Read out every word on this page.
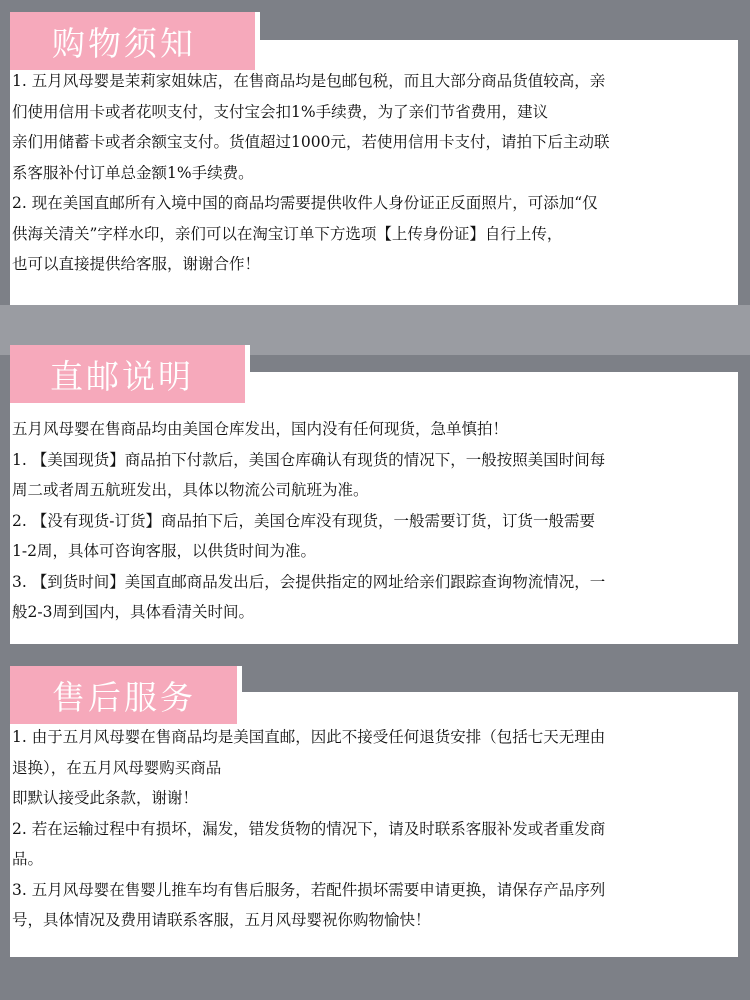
购物须知

1. 五月风母婴是茉莉家姐妹店，在售商品均是包邮包税，而且大部分商品货值较高，亲

们使用信用卡或者花呗支付，支付宝会扣1%手续费，为了亲们节省费用，建议

亲们用储蓄卡或者余额宝支付。货值超过1000元，若使用信用卡支付，请拍下后主动联

系客服补付订单总金额1%手续费。

2. 现在美国直邮所有入境中国的商品均需要提供收件人身份证正反面照片，可添加“仅

供海关清关”字样水印，亲们可以在淘宝订单下方选项【上传身份证】自行上传，

也可以直接提供给客服，谢谢合作！

直邮说明

五月风母婴在售商品均由美国仓库发出，国内没有任何现货，急单慎拍！

1. 【美国现货】商品拍下付款后，美国仓库确认有现货的情况下，一般按照美国时间每

周二或者周五航班发出，具体以物流公司航班为准。

2. 【没有现货-订货】商品拍下后，美国仓库没有现货，一般需要订货，订货一般需要

1-2周，具体可咨询客服，以供货时间为准。

3. 【到货时间】美国直邮商品发出后，会提供指定的网址给亲们跟踪查询物流情况，一

般2-3周到国内，具体看清关时间。

售后服务

1. 由于五月风母婴在售商品均是美国直邮，因此不接受任何退货安排（包括七天无理由

退换），在五月风母婴购买商品

即默认接受此条款，谢谢！

2. 若在运输过程中有损坏，漏发，错发货物的情况下，请及时联系客服补发或者重发商

品。

3. 五月风母婴在售婴儿推车均有售后服务，若配件损坏需要申请更换，请保存产品序列

号，具体情况及费用请联系客服，五月风母婴祝你购物愉快！
